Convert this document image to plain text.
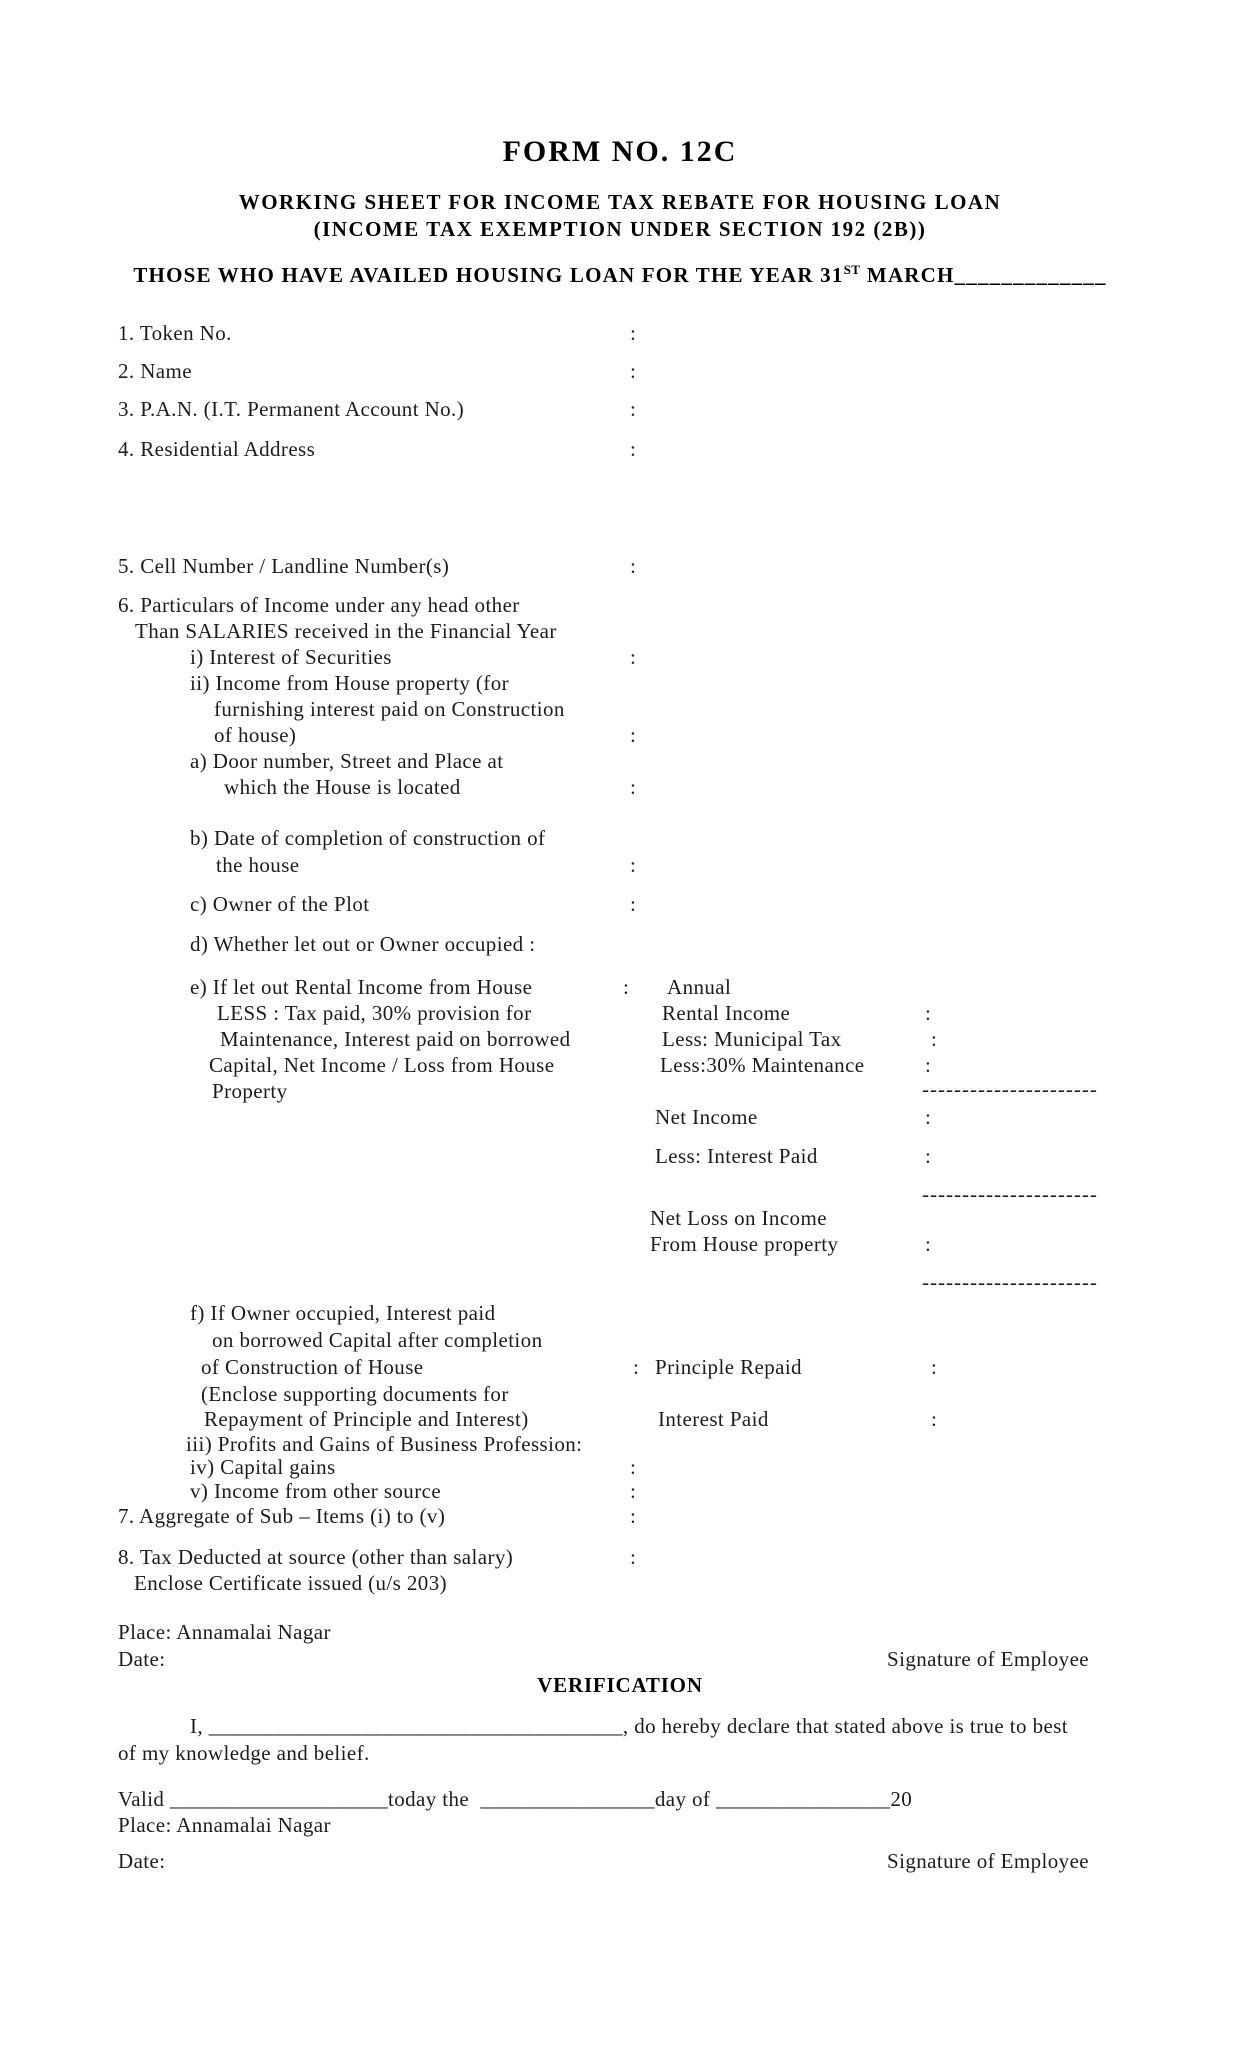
FORM NO. 12C
WORKING SHEET FOR INCOME TAX REBATE FOR HOUSING LOAN
(INCOME TAX EXEMPTION UNDER SECTION 192 (2B))
THOSE WHO HAVE AVAILED HOUSING LOAN FOR THE YEAR 31ST MARCH_____________
1. Token No.	:
2. Name	:
3. P.A.N. (I.T. Permanent Account No.)	:
4. Residential Address	:
5. Cell Number / Landline Number(s)	:
6. Particulars of Income under any head other
Than SALARIES received in the Financial Year
i) Interest of Securities	:
ii) Income from House property (for
furnishing interest paid on Construction
of house)	:
a) Door number, Street and Place at
which the House is located	:
b) Date of completion of construction of
the house	:
c) Owner of the Plot	:
d) Whether let out or Owner occupied :
e) If let out Rental Income from House	: Annual
LESS : Tax paid, 30% provision for	Rental Income	:
Maintenance, Interest paid on borrowed	Less: Municipal Tax	:
Capital, Net Income / Loss from House	Less:30% Maintenance	:
Property	----------------------
Net Income	:
Less: Interest Paid	:
----------------------
Net Loss on Income
From House property	:
----------------------
f) If Owner occupied, Interest paid
on borrowed Capital after completion
of Construction of House	: Principle Repaid	:
(Enclose supporting documents for
Repayment of Principle and Interest)	Interest Paid	:
iii) Profits and Gains of Business Profession:
iv) Capital gains	:
v) Income from other source	:
7. Aggregate of Sub – Items (i) to (v)	:
8. Tax Deducted at source (other than salary)	:
Enclose Certificate issued (u/s 203)
Place: Annamalai Nagar
Date:	Signature of Employee
VERIFICATION
I, ______________________________________, do hereby declare that stated above is true to best
of my knowledge and belief.
Valid ____________________today the  ________________day of ________________20
Place: Annamalai Nagar
Date:	Signature of Employee
